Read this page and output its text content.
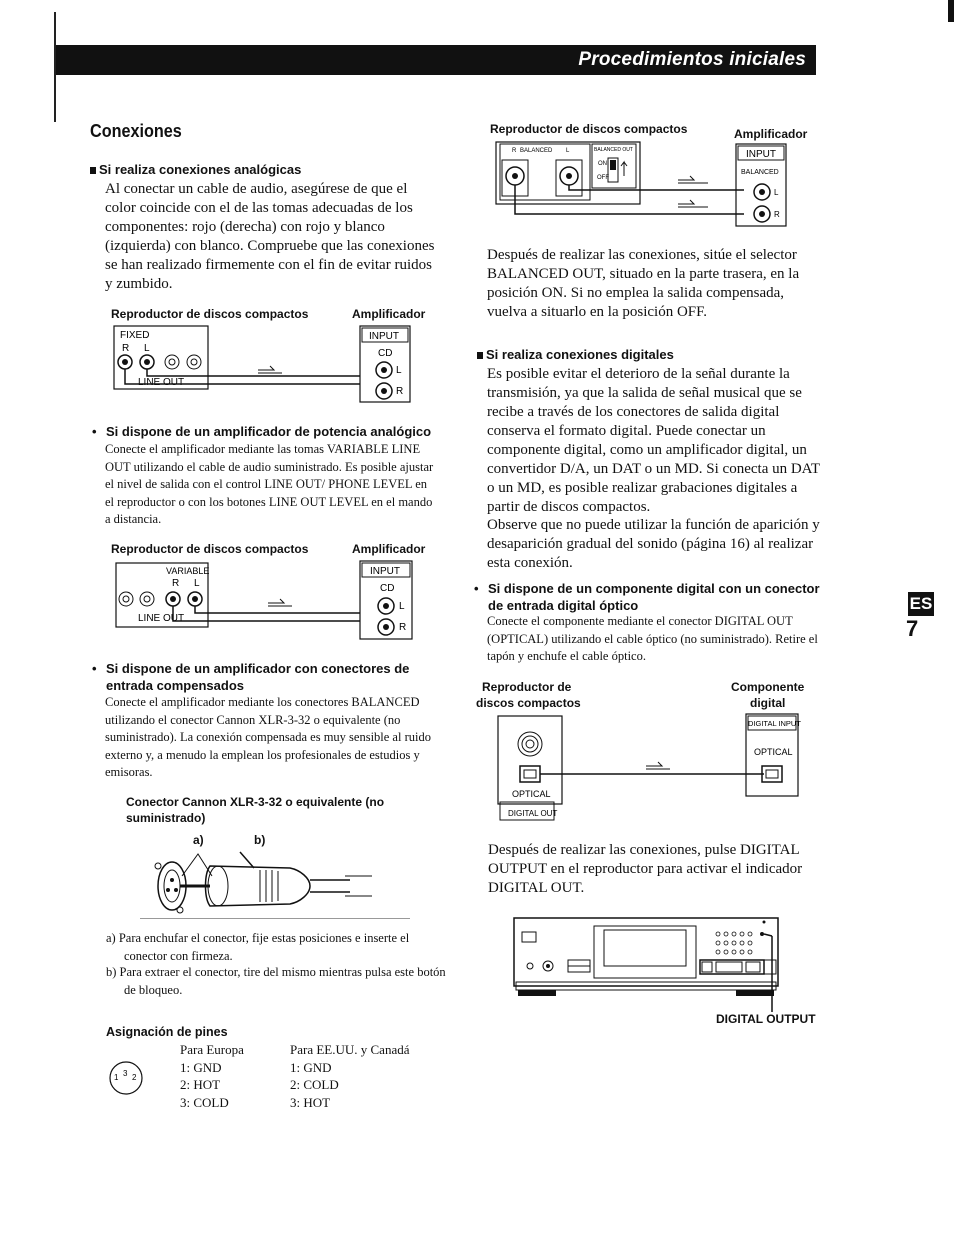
Procedimientos iniciales
Conexiones
ES
7
Si realiza conexiones analógicas
Al conectar un cable de audio, asegúrese de que el color coincide con el de las tomas adecuadas de los componentes: rojo (derecha) con rojo y blanco (izquierda) con blanco. Compruebe que las conexiones se han realizado firmemente con el fin de evitar ruidos y zumbido.
Reproductor de discos compactos	Amplificador
FIXED
R L
LINE OUT
INPUT
CD
L
R
• Si dispone de un amplificador de potencia analógico
Conecte el amplificador mediante las tomas VARIABLE LINE OUT utilizando el cable de audio suministrado. Es posible ajustar el nivel de salida con el control LINE OUT/ PHONE LEVEL en el reproductor o con los botones LINE OUT LEVEL en el mando a distancia.
Reproductor de discos compactos	Amplificador
VARIABLE
R L
LINE OUT
INPUT
CD
L
R
• Si dispone de un amplificador con conectores de entrada compensados
Conecte el amplificador mediante los conectores BALANCED utilizando el conector Cannon XLR-3-32 o equivalente (no suministrado). La conexión compensada es muy sensible al ruido externo y, a menudo la emplean los profesionales de estudios y emisoras.
Conector Cannon XLR-3-32 o equivalente (no suministrado)
a)	b)
a) Para enchufar el conector, fije estas posiciones e inserte el conector con firmeza.
b) Para extraer el conector, tire del mismo mientras pulsa este botón de bloqueo.
Asignación de pines
1 3 2
Para Europa	Para EE.UU. y Canadá
1: GND	1: GND
2: HOT	2: COLD
3: COLD	3: HOT
Reproductor de discos compactos	Amplificador
R BALANCED L	BALANCED OUT
ON
OFF
INPUT
BALANCED
L
R
Después de realizar las conexiones, sitúe el selector BALANCED OUT, situado en la parte trasera, en la posición ON. Si no emplea la salida compensada, vuelva a situarlo en la posición OFF.
Si realiza conexiones digitales
Es posible evitar el deterioro de la señal durante la transmisión, ya que la salida de señal musical que se recibe a través de los conectores de salida digital conserva el formato digital. Puede conectar un componente digital, como un amplificador digital, un convertidor D/A, un DAT o un MD. Si conecta un DAT o un MD, es posible realizar grabaciones digitales a partir de discos compactos.
Observe que no puede utilizar la función de aparición y desaparición gradual del sonido (página 16) al realizar esta conexión.
• Si dispone de un componente digital con un conector de entrada digital óptico
Conecte el componente mediante el conector DIGITAL OUT (OPTICAL) utilizando el cable óptico (no suministrado). Retire el tapón y enchufe el cable óptico.
Reproductor de
discos compactos
Componente
digital
OPTICAL
DIGITAL OUT
DIGITAL INPUT
OPTICAL
Después de realizar las conexiones, pulse DIGITAL OUTPUT en el reproductor para activar el indicador DIGITAL OUT.
DIGITAL OUTPUT
